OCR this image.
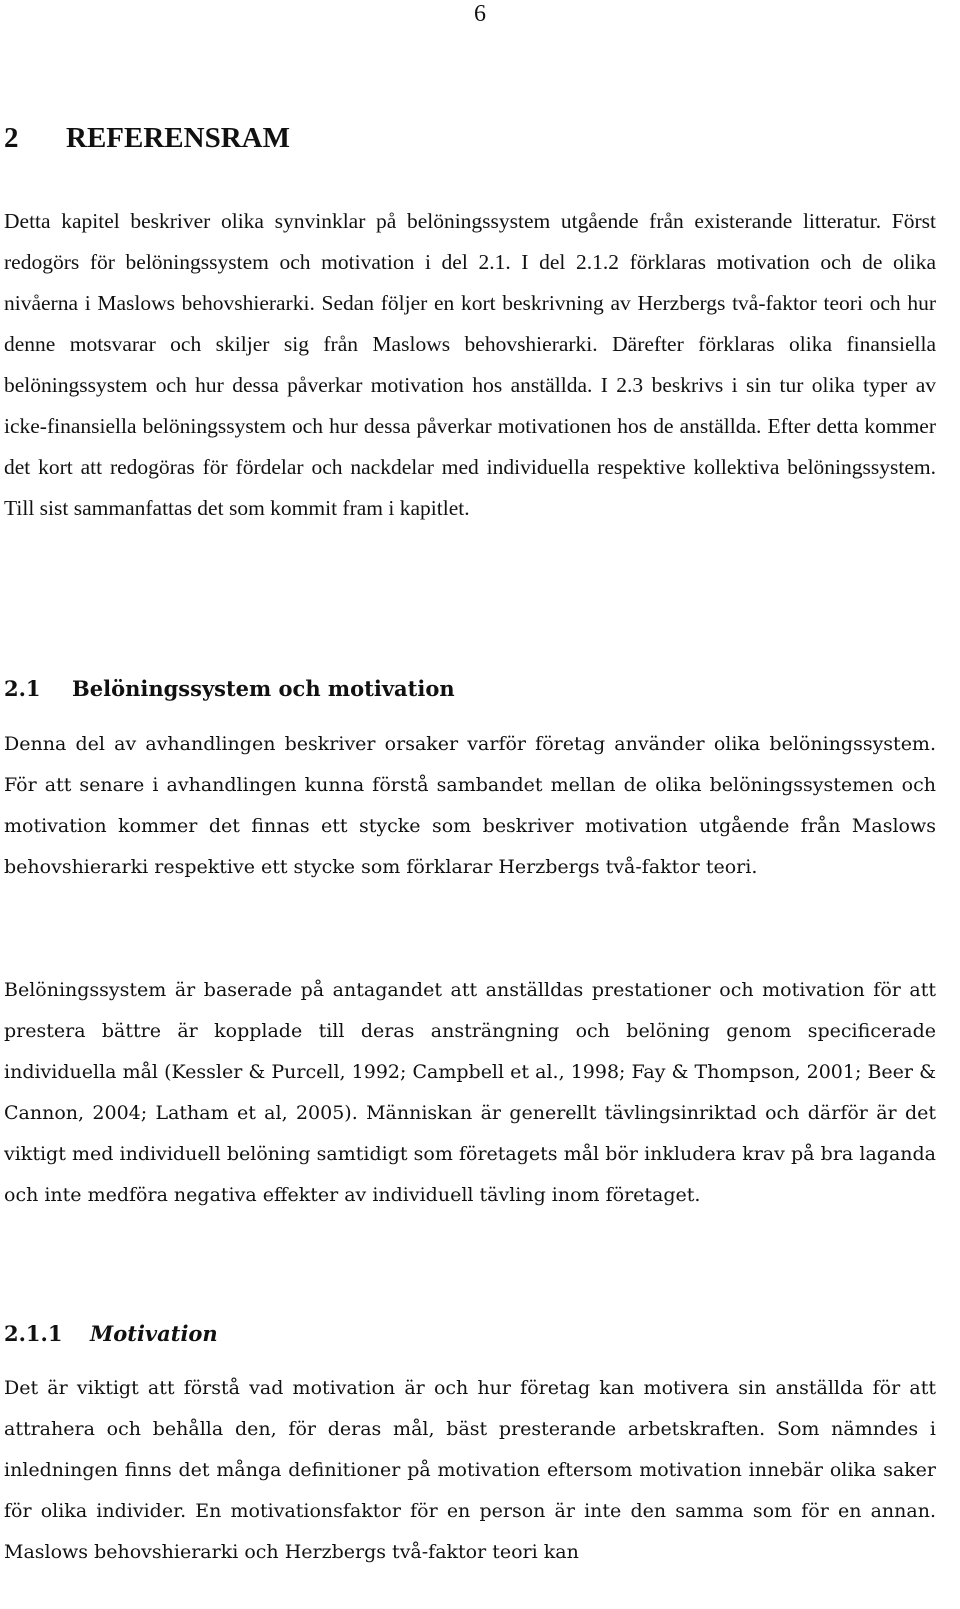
6
2 REFERENSRAM

Detta kapitel beskriver olika synvinklar på belöningssystem utgående från existerande litteratur. Först redogörs för belöningssystem och motivation i del 2.1. I del 2.1.2 förklaras motivation och de olika nivåerna i Maslows behovshierarki. Sedan följer en kort beskrivning av Herzbergs två-faktor teori och hur denne motsvarar och skiljer sig från Maslows behovshierarki. Därefter förklaras olika finansiella belöningssystem och hur dessa påverkar motivation hos anställda. I 2.3 beskrivs i sin tur olika typer av icke-finansiella belöningssystem och hur dessa påverkar motivationen hos de anställda. Efter detta kommer det kort att redogöras för fördelar och nackdelar med individuella respektive kollektiva belöningssystem. Till sist sammanfattas det som kommit fram i kapitlet.

2.1 Belöningssystem och motivation

Denna del av avhandlingen beskriver orsaker varför företag använder olika belöningssystem. För att senare i avhandlingen kunna förstå sambandet mellan de olika belöningssystemen och motivation kommer det finnas ett stycke som beskriver motivation utgående från Maslows behovshierarki respektive ett stycke som förklarar Herzbergs två-faktor teori.

Belöningssystem är baserade på antagandet att anställdas prestationer och motivation för att prestera bättre är kopplade till deras ansträngning och belöning genom specificerade individuella mål (Kessler & Purcell, 1992; Campbell et al., 1998; Fay & Thompson, 2001; Beer & Cannon, 2004; Latham et al, 2005). Människan är generellt tävlingsinriktad och därför är det viktigt med individuell belöning samtidigt som företagets mål bör inkludera krav på bra laganda och inte medföra negativa effekter av individuell tävling inom företaget.

2.1.1 Motivation

Det är viktigt att förstå vad motivation är och hur företag kan motivera sin anställda för att attrahera och behålla den, för deras mål, bäst presterande arbetskraften. Som nämndes i inledningen finns det många definitioner på motivation eftersom motivation innebär olika saker för olika individer. En motivationsfaktor för en person är inte den samma som för en annan. Maslows behovshierarki och Herzbergs två-faktor teori kan
